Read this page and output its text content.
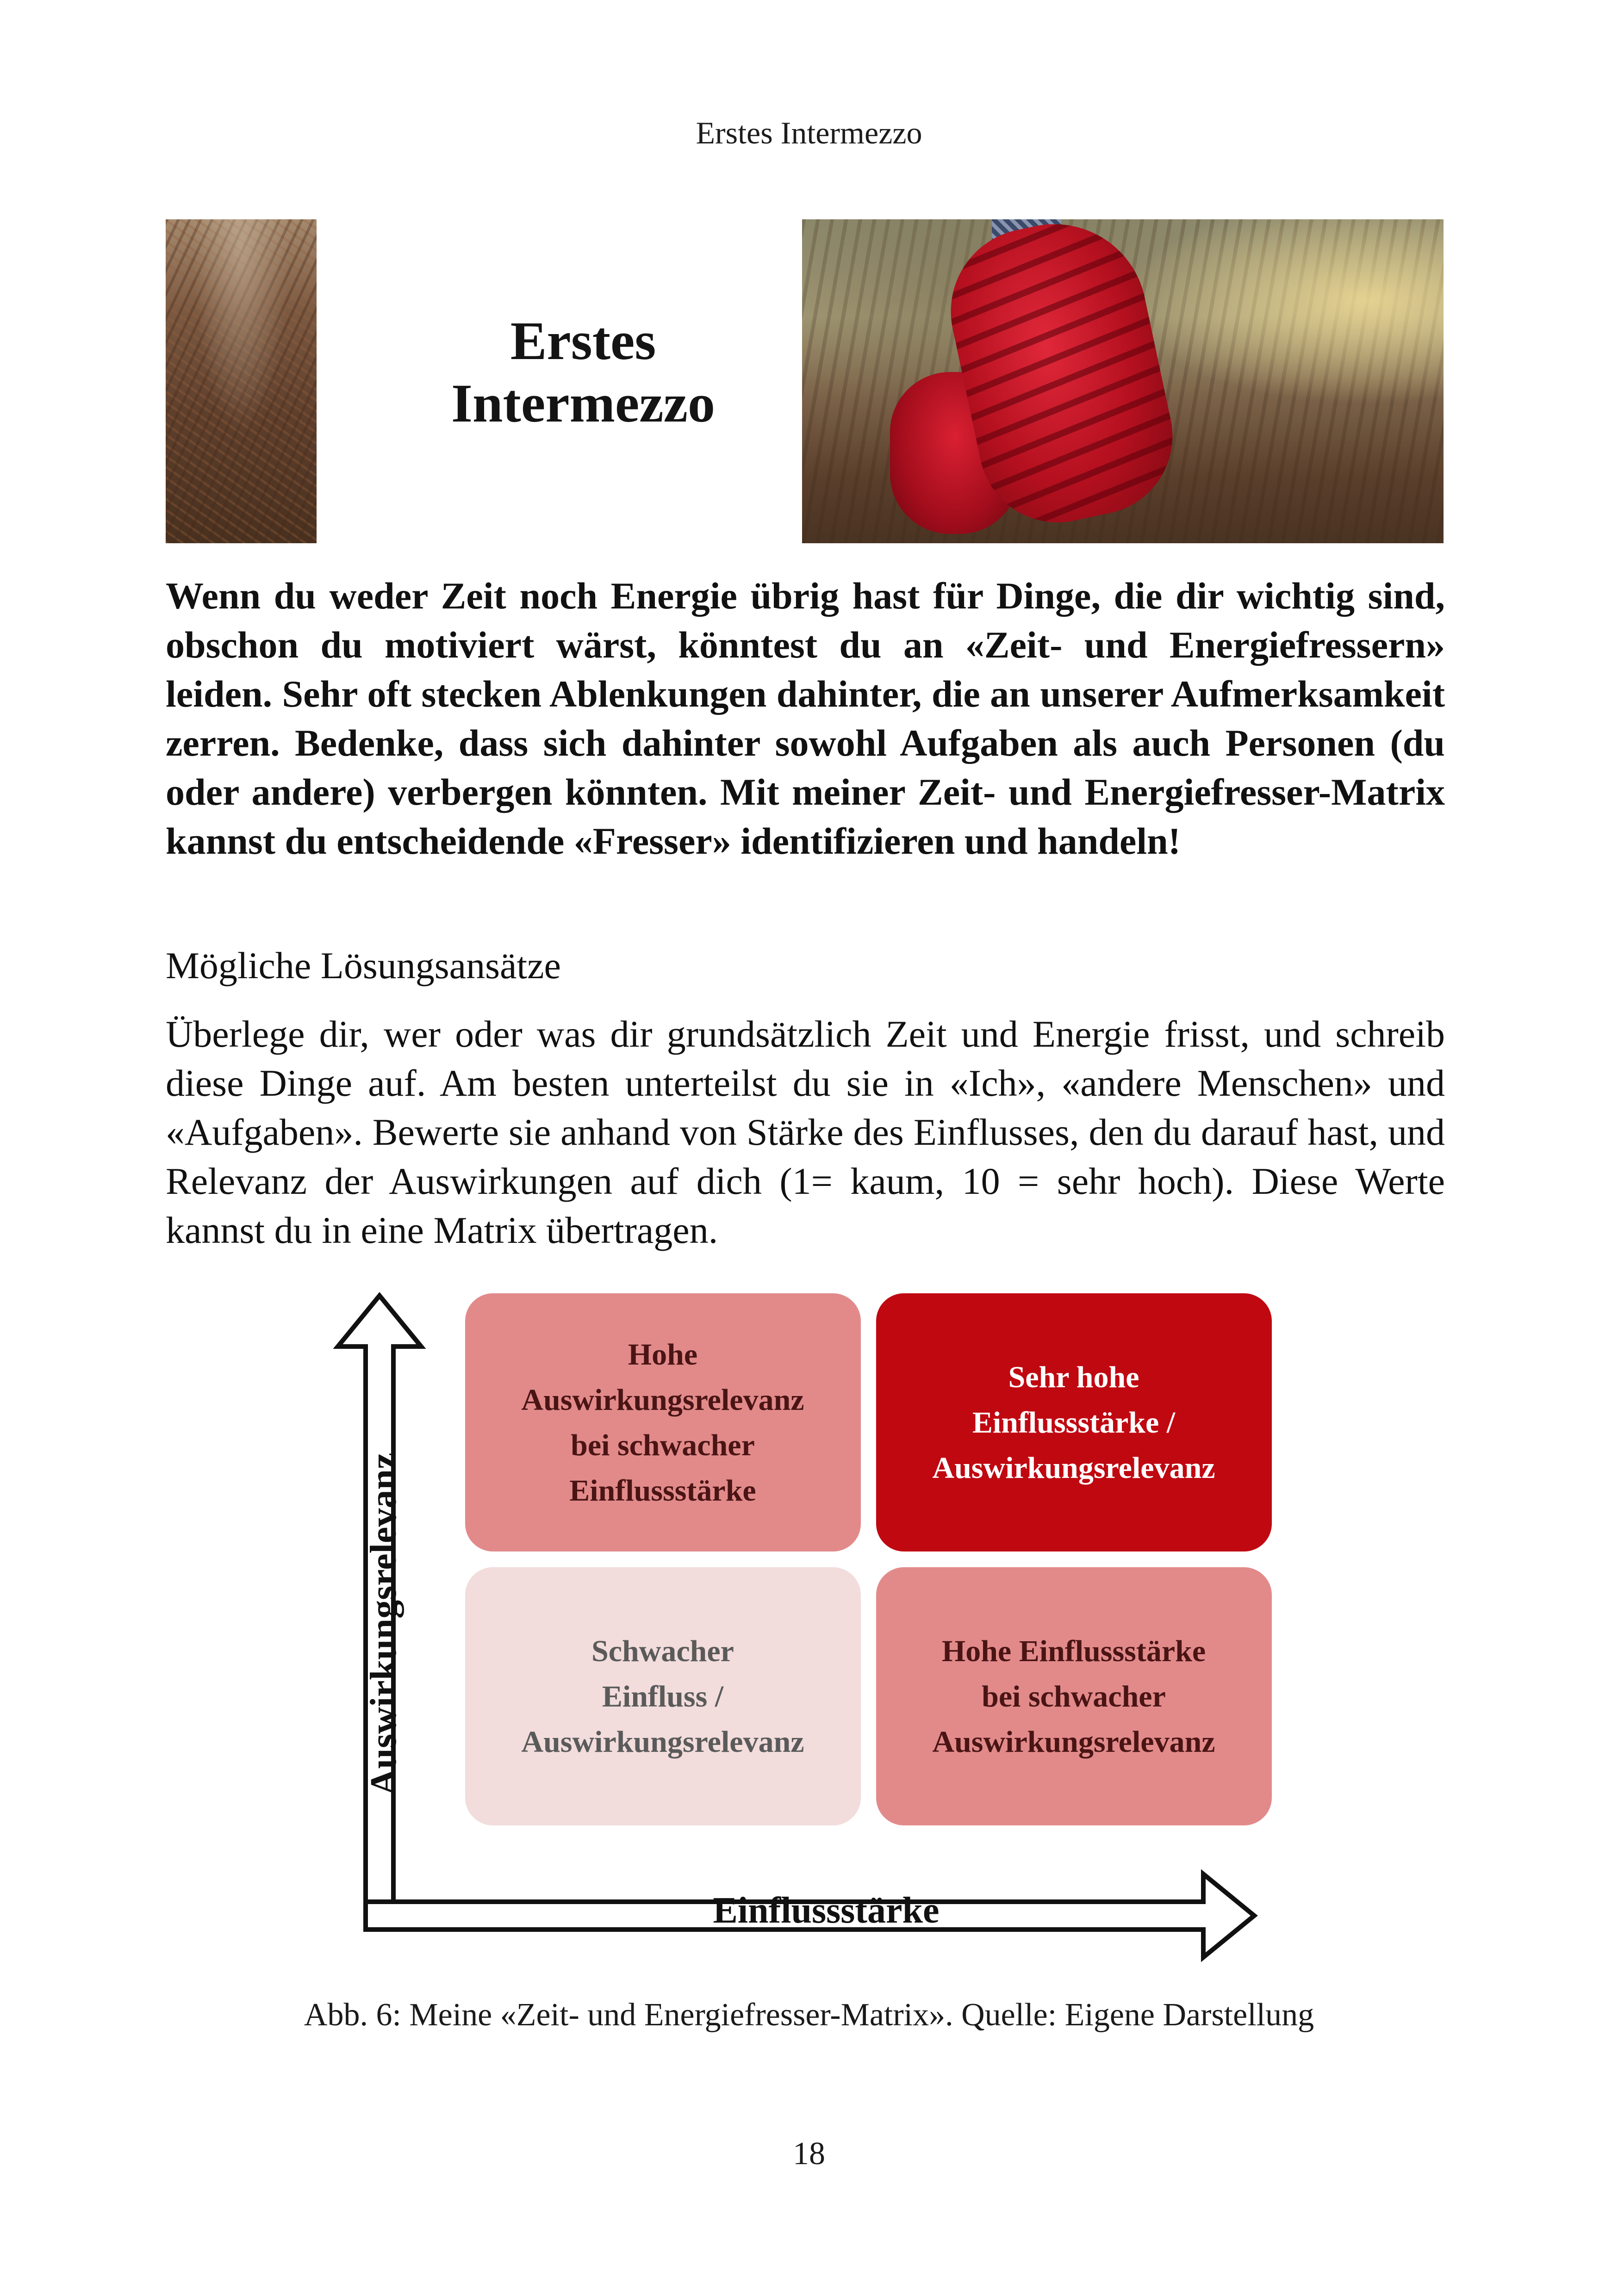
Erstes Intermezzo
Erstes
Intermezzo
Wenn du weder Zeit noch Energie übrig hast für Dinge, die dir wichtig sind, obschon du motiviert wärst, könntest du an «Zeit- und Energiefressern» leiden. Sehr oft stecken Ablenkungen dahinter, die an unserer Aufmerksamkeit zerren. Bedenke, dass sich dahinter sowohl Aufgaben als auch Personen (du oder andere) verbergen könnten. Mit meiner Zeit- und Energiefresser-Matrix kannst du entscheidende «Fresser» identifizieren und handeln!
Mögliche Lösungsansätze
Überlege dir, wer oder was dir grundsätzlich Zeit und Energie frisst, und schreib diese Dinge auf. Am besten unterteilst du sie in «Ich», «andere Menschen» und «Aufgaben». Bewerte sie anhand von Stärke des Einflusses, den du darauf hast, und Relevanz der Auswirkungen auf dich (1= kaum, 10 = sehr hoch). Diese Werte kannst du in eine Matrix übertragen.
Auswirkungsrelevanz
Einflussstärke
Hohe
Auswirkungsrelevanz
bei schwacher
Einflussstärke
Sehr hohe
Einflussstärke /
Auswirkungsrelevanz
Schwacher
Einfluss /
Auswirkungsrelevanz
Hohe Einflussstärke
bei schwacher
Auswirkungsrelevanz
Abb. 6: Meine «Zeit- und Energiefresser-Matrix». Quelle: Eigene Darstellung
18
